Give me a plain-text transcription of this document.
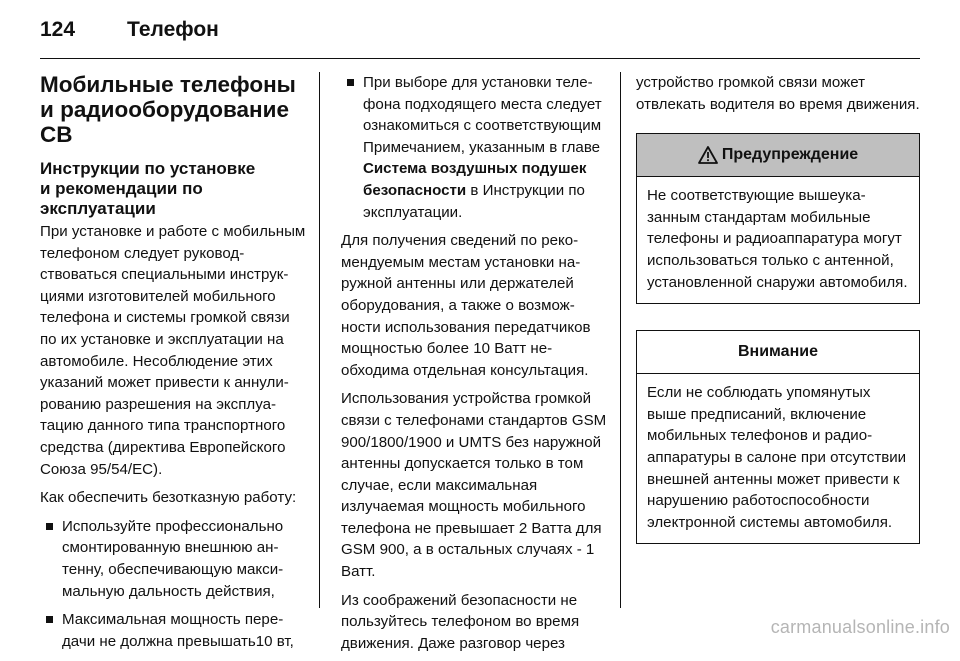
124 Телефон
Мобильные телефоны
и радиооборудование CB
Инструкции по установке
и рекомендации по
эксплуатации

При установке и работе с мобильным телефоном следует руководствоваться специальными инструкциями изготовителей мобильного телефона и системы громкой связи по их установке и эксплуатации на автомобиле. Несоблюдение этих указаний может привести к аннулированию разрешения на эксплуатацию данного типа транспортного средства (директива Европейского Союза 95/54/EC).

Как обеспечить безотказную работу:

Используйте профессионально смонтированную внешнюю антенну, обеспечивающую максимальную дальность действия,
Максимальная мощность передачи не должна превышать10 вт,
При выборе для установки телефона подходящего места следует ознакомиться с соответствующим Примечанием, указанным в главе Система воздушных подушек безопасности в Инструкции по эксплуатации.

Для получения сведений по рекомендуемым местам установки наружной антенны или держателей оборудования, а также о возможности использования передатчиков мощностью более 10 Ватт необходима отдельная консультация.

Использования устройства громкой связи с телефонами стандартов GSM 900/1800/1900 и UMTS без наружной антенны допускается только в том случае, если максимальная излучаемая мощность мобильного телефона не превышает 2 Ватта для GSM 900, а в остальных случаях - 1 Ватт.

Из соображений безопасности не пользуйтесь телефоном во время движения. Даже разговор через

устройство громкой связи может отвлекать водителя во время движения.

Предупреждение
Не соответствующие вышеуказанным стандартам мобильные телефоны и радиоаппаратура могут использоваться только с антенной, установленной снаружи автомобиля.
Внимание
Если не соблюдать упомянутых выше предписаний, включение мобильных телефонов и радиоаппаратуры в салоне при отсутствии внешней антенны может привести к нарушению работоспособности электронной системы автомобиля.
carmanualsonline.info
